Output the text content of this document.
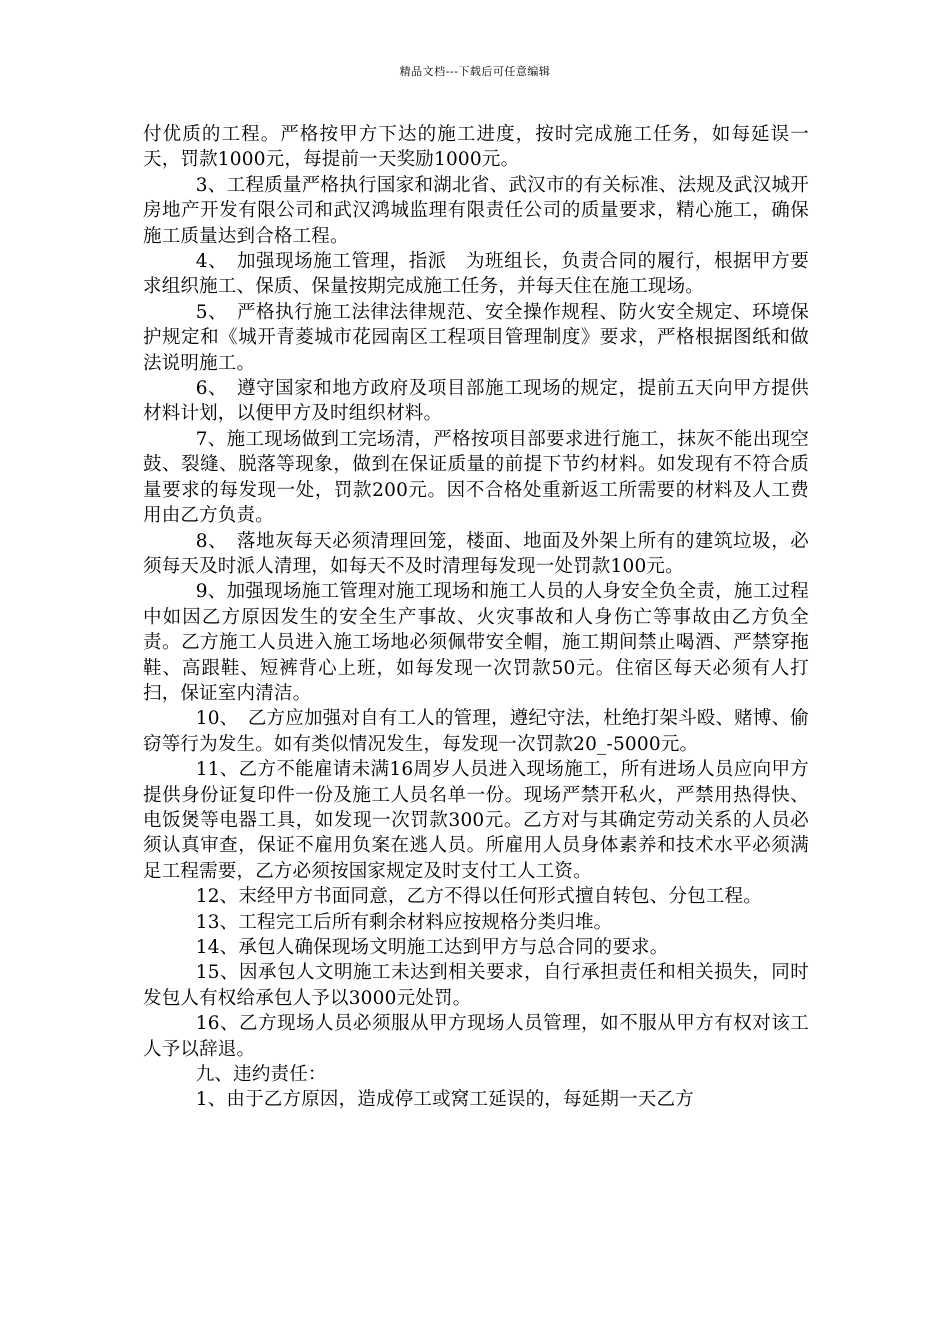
精品文档---下载后可任意编辑

付优质的工程。严格按甲方下达的施工进度，按时完成施工任务，如每延误一天，罚款1000元，每提前一天奖励1000元。

3、工程质量严格执行国家和湖北省、武汉市的有关标准、法规及武汉城开房地产开发有限公司和武汉鸿城监理有限责任公司的质量要求，精心施工，确保施工质量达到合格工程。

4、　加强现场施工管理，指派　为班组长，负责合同的履行，根据甲方要求组织施工、保质、保量按期完成施工任务，并每天住在施工现场。

5、　严格执行施工法律法律规范、安全操作规程、防火安全规定、环境保护规定和《城开青菱城市花园南区工程项目管理制度》要求，严格根据图纸和做法说明施工。

6、　遵守国家和地方政府及项目部施工现场的规定，提前五天向甲方提供材料计划，以便甲方及时组织材料。

7、施工现场做到工完场清，严格按项目部要求进行施工，抹灰不能出现空鼓、裂缝、脱落等现象，做到在保证质量的前提下节约材料。如发现有不符合质量要求的每发现一处，罚款200元。因不合格处重新返工所需要的材料及人工费用由乙方负责。

8、　落地灰每天必须清理回笼，楼面、地面及外架上所有的建筑垃圾，必须每天及时派人清理，如每天不及时清理每发现一处罚款100元。

9、加强现场施工管理对施工现场和施工人员的人身安全负全责，施工过程中如因乙方原因发生的安全生产事故、火灾事故和人身伤亡等事故由乙方负全责。乙方施工人员进入施工场地必须佩带安全帽，施工期间禁止喝酒、严禁穿拖鞋、高跟鞋、短裤背心上班，如每发现一次罚款50元。住宿区每天必须有人打扫，保证室内清洁。

10、　乙方应加强对自有工人的管理，遵纪守法，杜绝打架斗殴、赌博、偷窃等行为发生。如有类似情况发生，每发现一次罚款20_-5000元。

11、乙方不能雇请未满16周岁人员进入现场施工，所有进场人员应向甲方提供身份证复印件一份及施工人员名单一份。现场严禁开私火，严禁用热得快、电饭煲等电器工具，如发现一次罚款300元。乙方对与其确定劳动关系的人员必须认真审查，保证不雇用负案在逃人员。所雇用人员身体素养和技术水平必须满足工程需要，乙方必须按国家规定及时支付工人工资。

12、末经甲方书面同意，乙方不得以任何形式擅自转包、分包工程。

13、工程完工后所有剩余材料应按规格分类归堆。

14、承包人确保现场文明施工达到甲方与总合同的要求。

15、因承包人文明施工未达到相关要求，自行承担责任和相关损失，同时发包人有权给承包人予以3000元处罚。

16、乙方现场人员必须服从甲方现场人员管理，如不服从甲方有权对该工人予以辞退。

九、违约责任：

1、由于乙方原因，造成停工或窝工延误的，每延期一天乙方
